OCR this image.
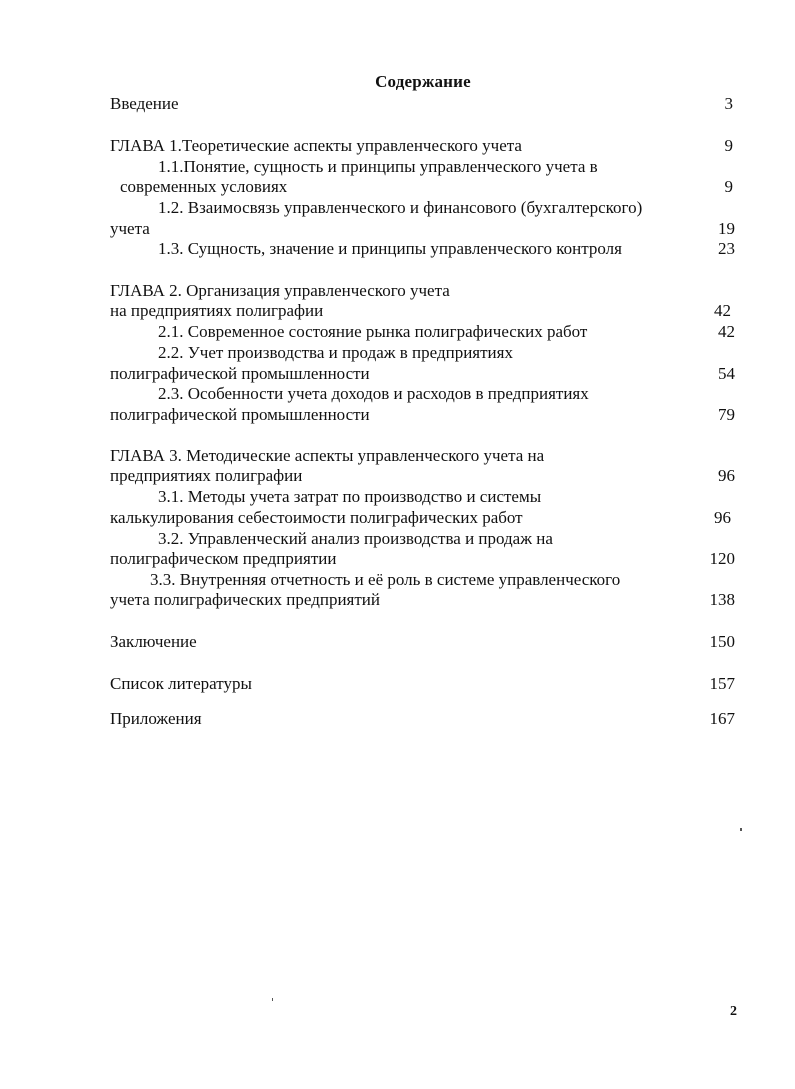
Содержание
Введение	3
ГЛАВА 1.Теоретические аспекты управленческого учета	9
1.1.Понятие, сущность и принципы управленческого учета в
современных условиях	9
1.2. Взаимосвязь управленческого и финансового (бухгалтерского)
учета	19
1.3. Сущность, значение и принципы управленческого контроля	23
ГЛАВА 2. Организация управленческого учета
на предприятиях полиграфии	42
2.1. Современное состояние рынка полиграфических работ	42
2.2. Учет производства и продаж в предприятиях
полиграфической промышленности	54
2.3. Особенности учета доходов и расходов в предприятиях
полиграфической промышленности	79
ГЛАВА 3. Методические аспекты управленческого учета на
предприятиях полиграфии	96
3.1. Методы учета затрат по производство и системы
калькулирования себестоимости полиграфических работ	96
3.2. Управленческий анализ производства и продаж на
полиграфическом предприятии	120
3.3. Внутренняя отчетность и её роль в системе управленческого
учета полиграфических предприятий	138
Заключение	150
Список литературы	157
Приложения	167
2
